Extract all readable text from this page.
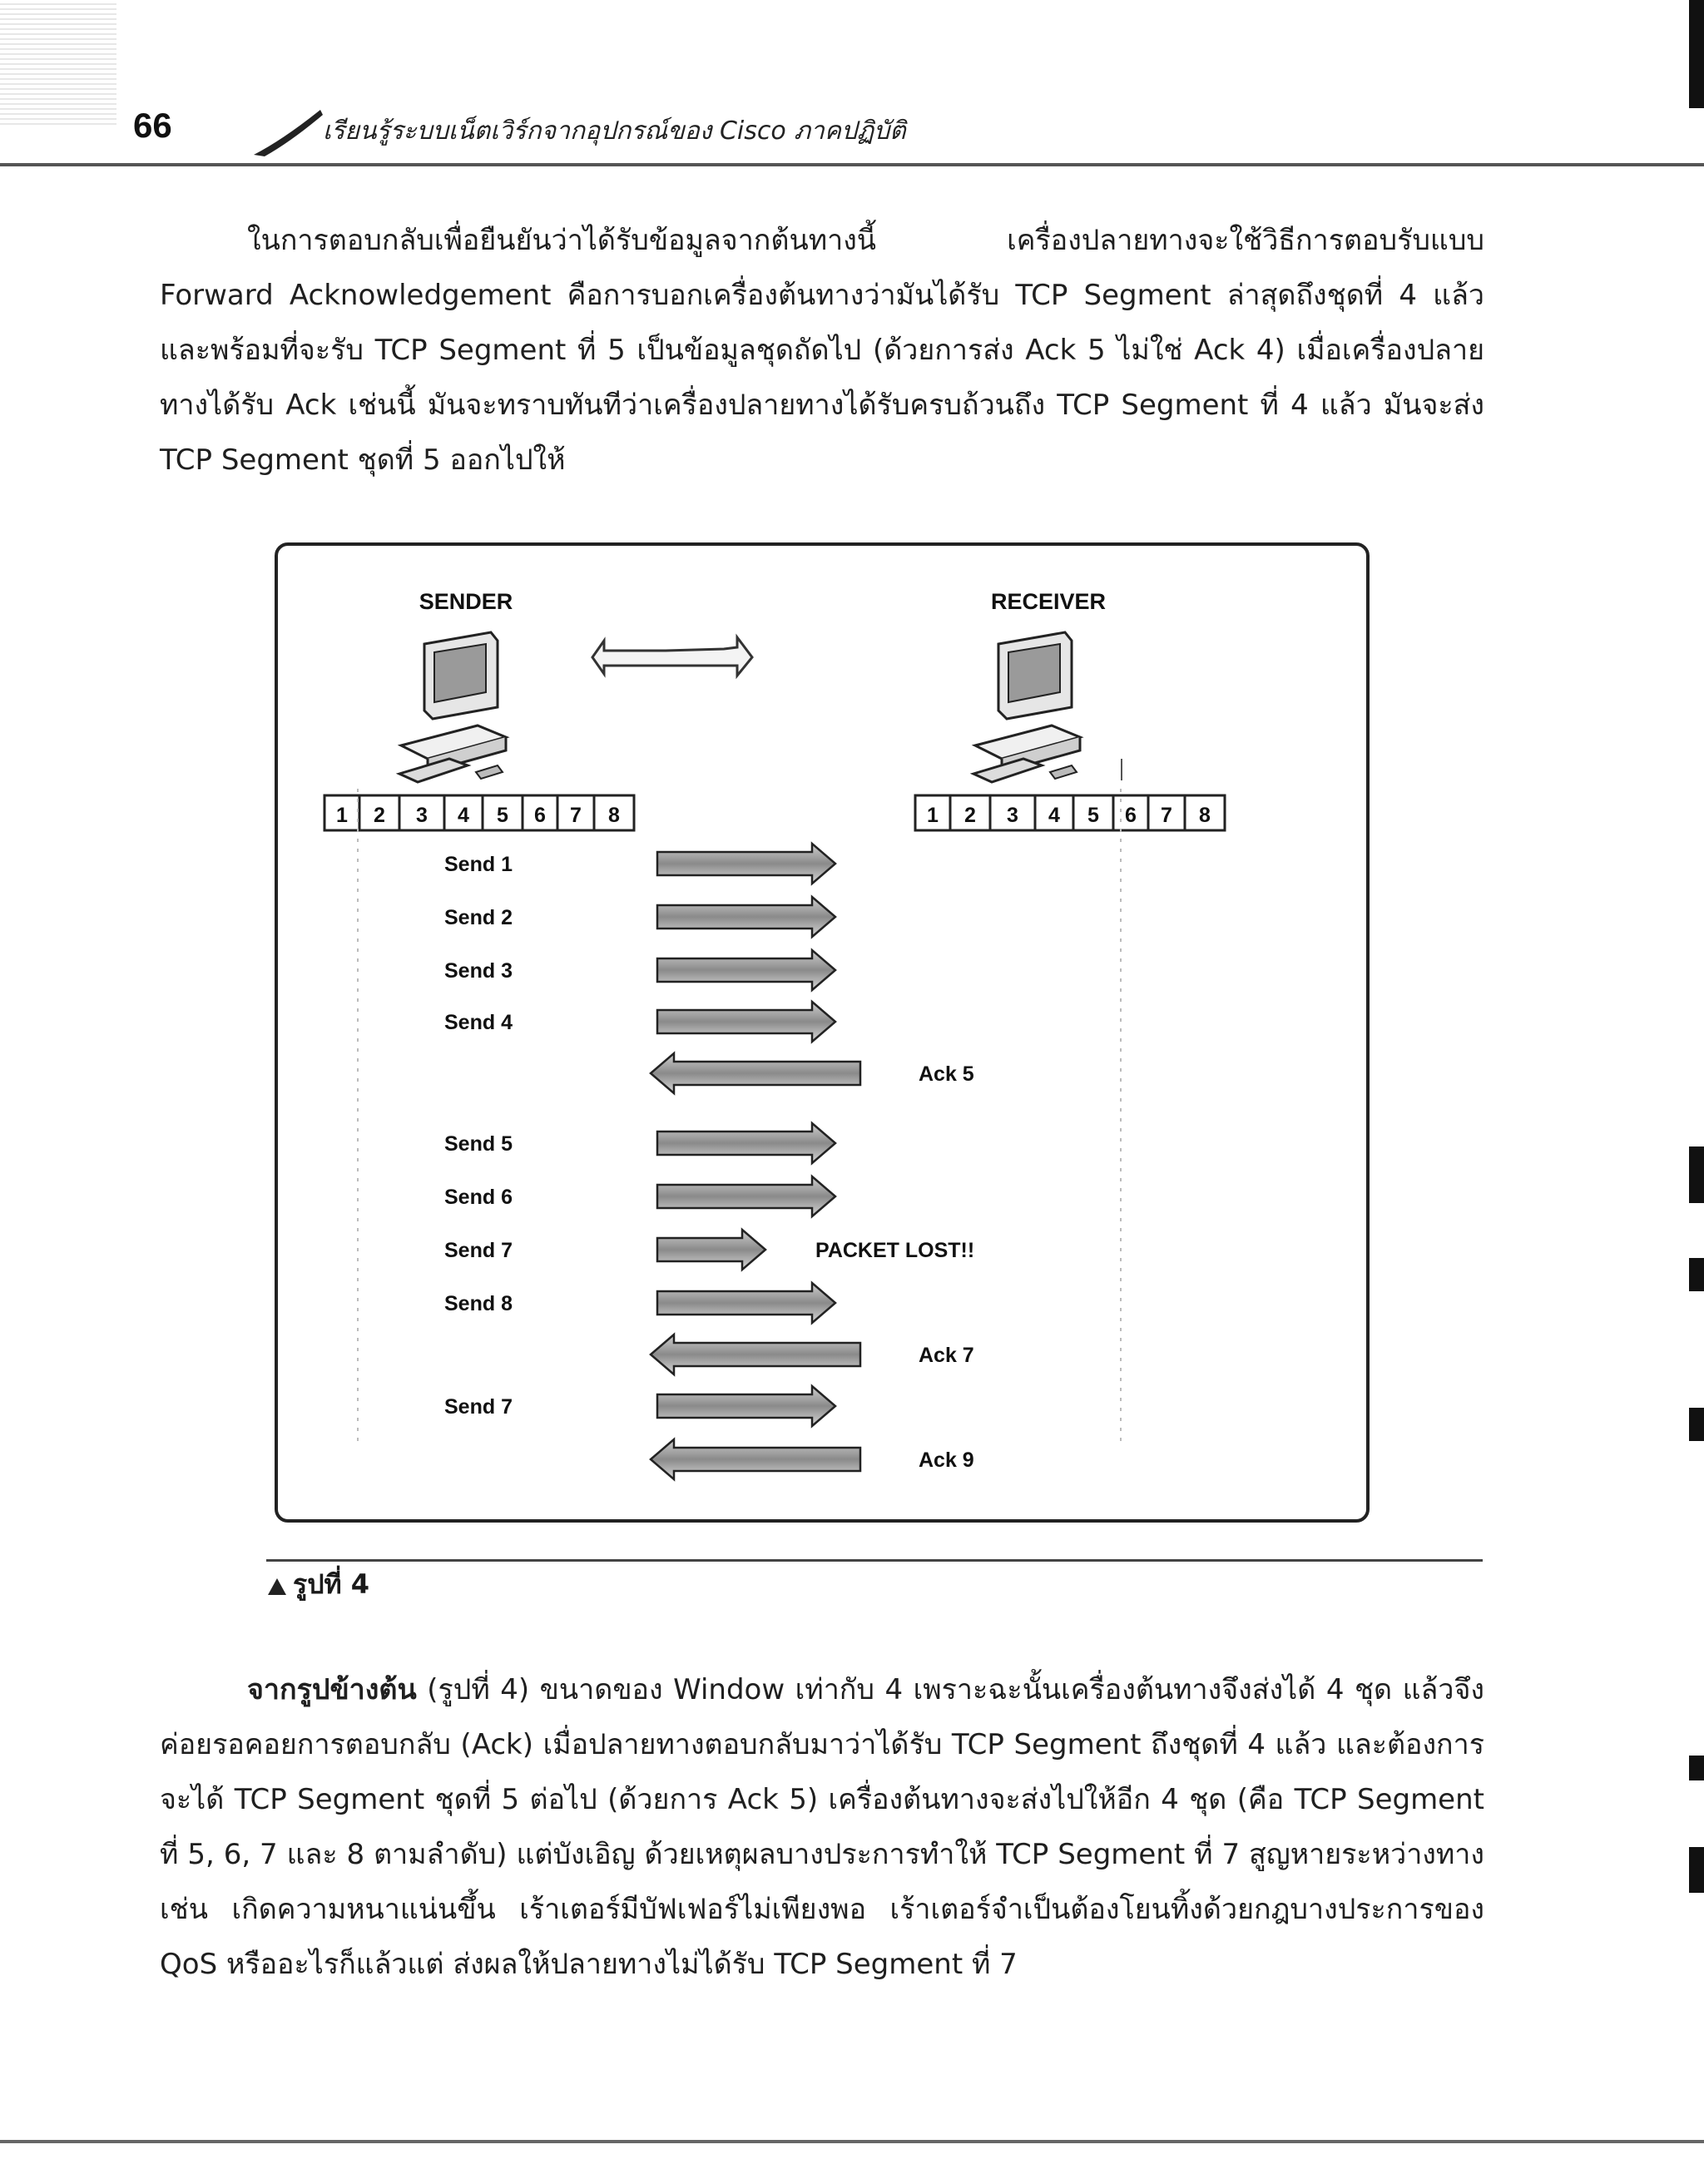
66	เรียนรู้ระบบเน็ตเวิร์กจากอุปกรณ์ของ Cisco ภาคปฏิบัติ
ในการตอบกลับเพื่อยืนยันว่าได้รับข้อมูลจากต้นทางนี้ เครื่องปลายทางจะใช้วิธีการตอบรับแบบ Forward Acknowledgement คือการบอกเครื่องต้นทางว่ามันได้รับ TCP Segment ล่าสุดถึงชุดที่ 4 แล้ว และพร้อมที่จะรับ TCP Segment ที่ 5 เป็นข้อมูลชุดถัดไป (ด้วยการส่ง Ack 5 ไม่ใช่ Ack 4) เมื่อเครื่องปลายทางได้รับ Ack เช่นนี้ มันจะทราบทันทีว่าเครื่องปลายทางได้รับครบถ้วนถึง TCP Segment ที่ 4 แล้ว มันจะส่ง TCP Segment ชุดที่ 5 ออกไปให้
SENDER	RECEIVER
1 2 3 4 5 6 7 8	1 2 3 4 5 6 7 8
Send 1
Send 2
Send 3
Send 4
Ack 5
Send 5
Send 6
Send 7	PACKET LOST!!
Send 8
Ack 7
Send 7
Ack 9
รูปที่ 4
จากรูปข้างต้น (รูปที่ 4) ขนาดของ Window เท่ากับ 4 เพราะฉะนั้นเครื่องต้นทางจึงส่งได้ 4 ชุด แล้วจึงค่อยรอคอยการตอบกลับ (Ack) เมื่อปลายทางตอบกลับมาว่าได้รับ TCP Segment ถึงชุดที่ 4 แล้ว และต้องการจะได้ TCP Segment ชุดที่ 5 ต่อไป (ด้วยการ Ack 5) เครื่องต้นทางจะส่งไปให้อีก 4 ชุด (คือ TCP Segment ที่ 5, 6, 7 และ 8 ตามลำดับ) แต่บังเอิญ ด้วยเหตุผลบางประการทำให้ TCP Segment ที่ 7 สูญหายระหว่างทาง เช่น เกิดความหนาแน่นขึ้น เร้าเตอร์มีบัฟเฟอร์ไม่เพียงพอ เร้าเตอร์จำเป็นต้องโยนทิ้งด้วยกฎบางประการของ QoS หรืออะไรก็แล้วแต่ ส่งผลให้ปลายทางไม่ได้รับ TCP Segment ที่ 7
